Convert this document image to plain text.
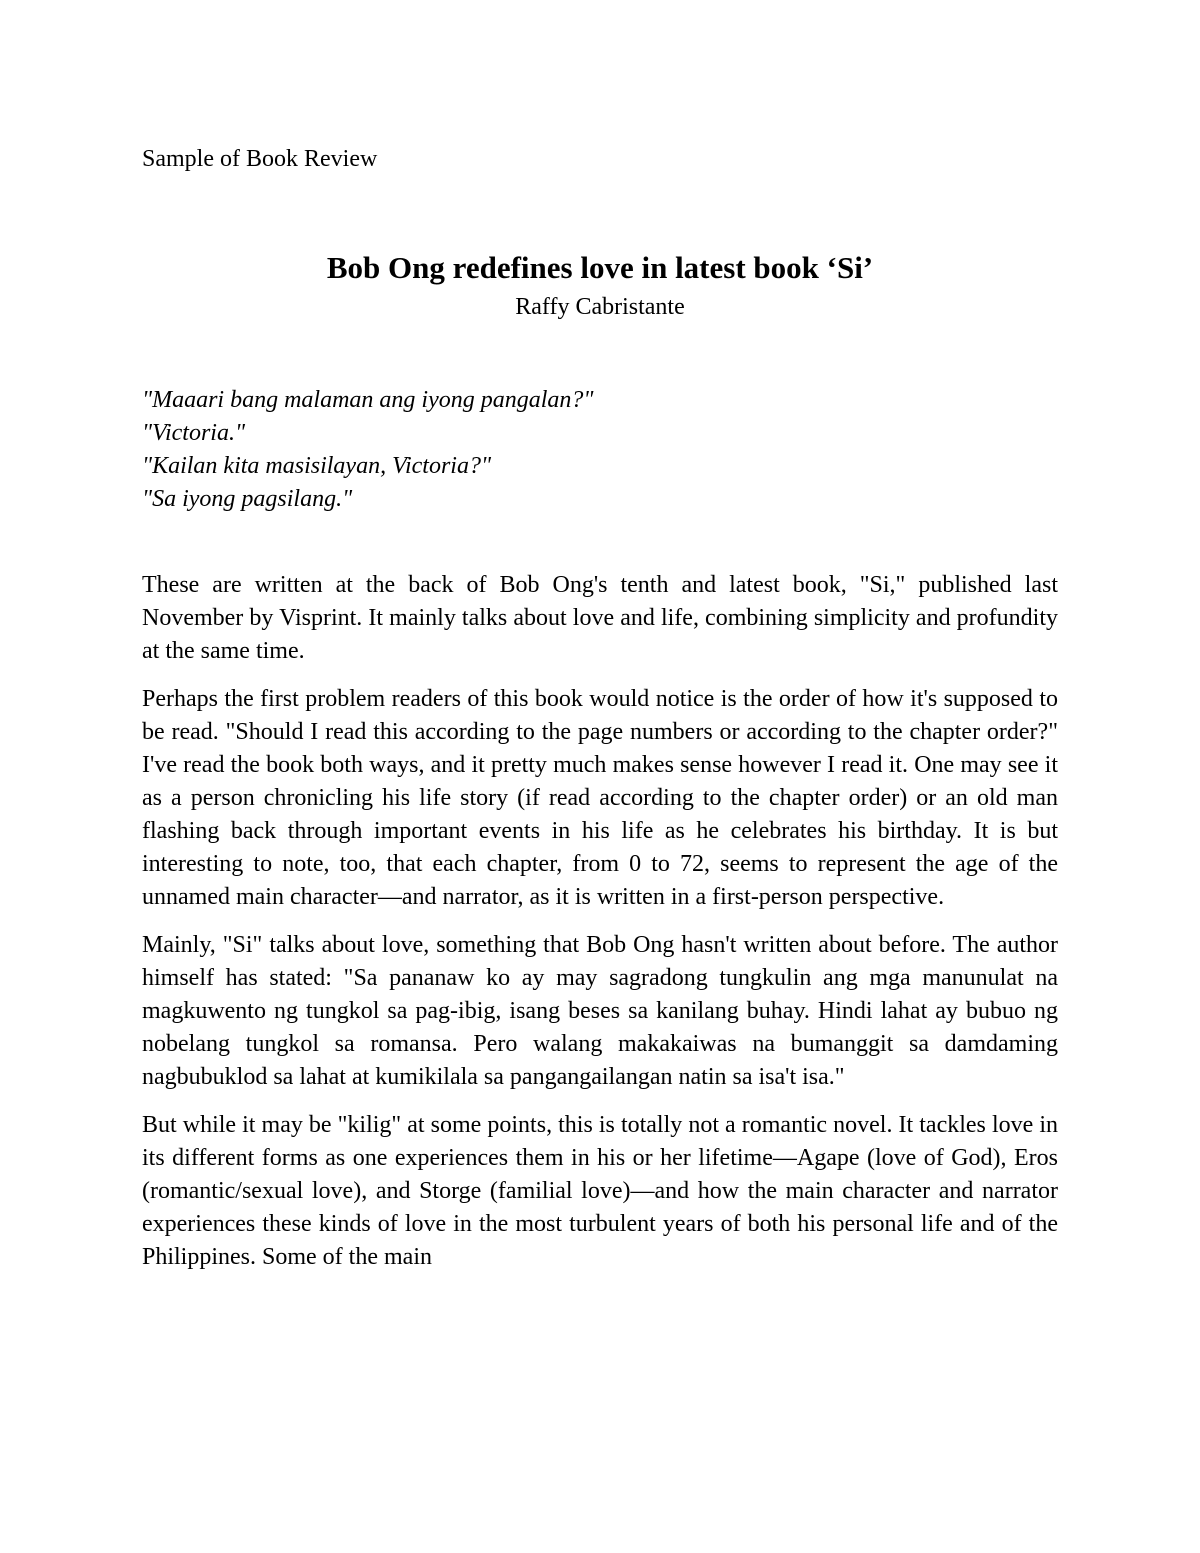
Sample of Book Review
Bob Ong redefines love in latest book ‘Si’
Raffy Cabristante
"Maaari bang malaman ang iyong pangalan?"
"Victoria."
"Kailan kita masisilayan, Victoria?"
"Sa iyong pagsilang."

These are written at the back of Bob Ong's tenth and latest book, "Si," published last November by Visprint. It mainly talks about love and life, combining simplicity and profundity at the same time.

Perhaps the first problem readers of this book would notice is the order of how it's supposed to be read. "Should I read this according to the page numbers or according to the chapter order?" I've read the book both ways, and it pretty much makes sense however I read it. One may see it as a person chronicling his life story (if read according to the chapter order) or an old man flashing back through important events in his life as he celebrates his birthday. It is but interesting to note, too, that each chapter, from 0 to 72, seems to represent the age of the unnamed main character—and narrator, as it is written in a first-person perspective.

Mainly, "Si" talks about love, something that Bob Ong hasn't written about before. The author himself has stated: "Sa pananaw ko ay may sagradong tungkulin ang mga manunulat na magkuwento ng tungkol sa pag-ibig, isang beses sa kanilang buhay. Hindi lahat ay bubuo ng nobelang tungkol sa romansa. Pero walang makakaiwas na bumanggit sa damdaming nagbubuklod sa lahat at kumikilala sa pangangailangan natin sa isa't isa."

But while it may be "kilig" at some points, this is totally not a romantic novel. It tackles love in its different forms as one experiences them in his or her lifetime—Agape (love of God), Eros (romantic/sexual love), and Storge (familial love)—and how the main character and narrator experiences these kinds of love in the most turbulent years of both his personal life and of the Philippines. Some of the main
